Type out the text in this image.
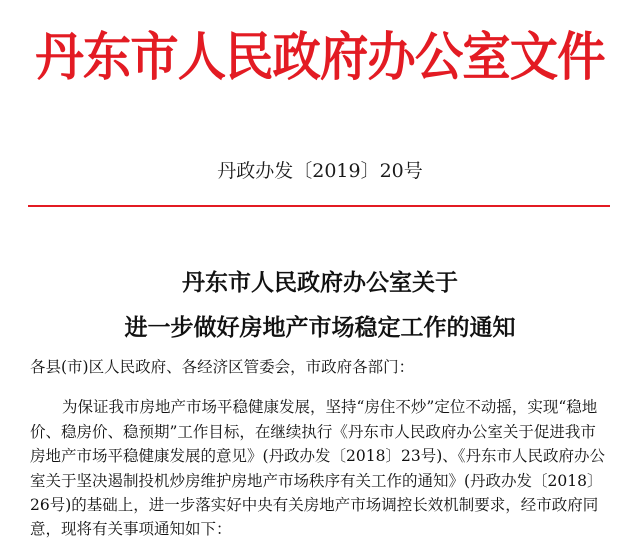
丹东市人民政府办公室文件
丹政办发〔2019〕20号
丹东市人民政府办公室关于
进一步做好房地产市场稳定工作的通知
各县(市)区人民政府、各经济区管委会，市政府各部门：
为保证我市房地产市场平稳健康发展，坚持“房住不炒”定位不动摇，实现“稳地
价、稳房价、稳预期”工作目标，在继续执行《丹东市人民政府办公室关于促进我市
房地产市场平稳健康发展的意见》(丹政办发〔2018〕23号)、《丹东市人民政府办公
室关于坚决遏制投机炒房维护房地产市场秩序有关工作的通知》(丹政办发〔2018〕
26号)的基础上，进一步落实好中央有关房地产市场调控长效机制要求，经市政府同
意，现将有关事项通知如下：
